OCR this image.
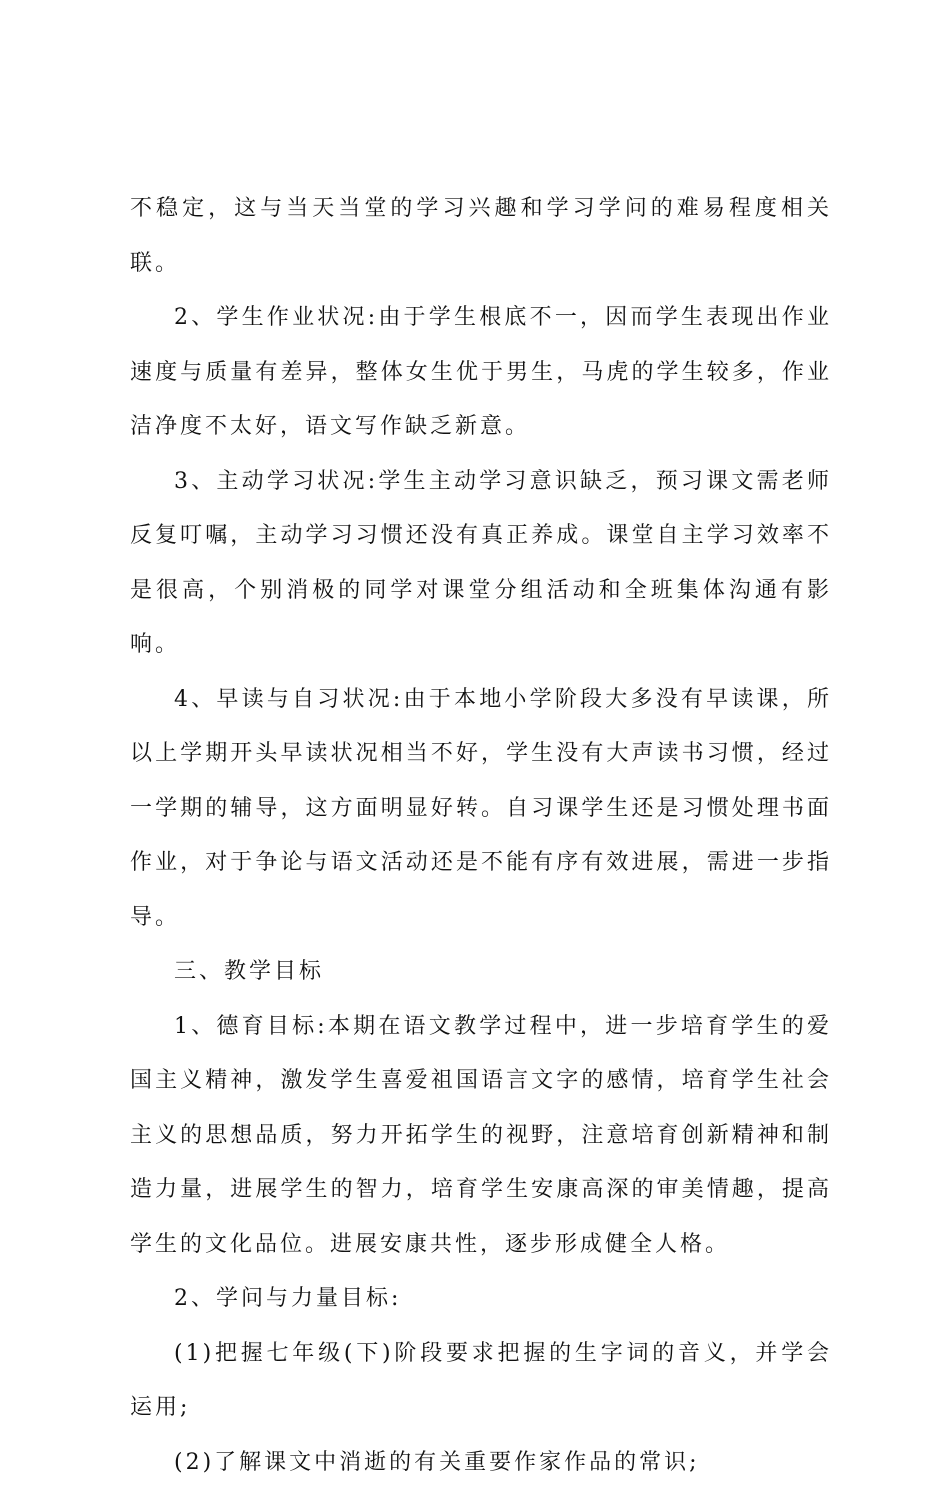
不稳定，这与当天当堂的学习兴趣和学习学问的难易程度相关联。

2、学生作业状况:由于学生根底不一，因而学生表现出作业速度与质量有差异，整体女生优于男生，马虎的学生较多，作业洁净度不太好，语文写作缺乏新意。

3、主动学习状况:学生主动学习意识缺乏，预习课文需老师反复叮嘱，主动学习习惯还没有真正养成。课堂自主学习效率不是很高，个别消极的同学对课堂分组活动和全班集体沟通有影响。

4、早读与自习状况:由于本地小学阶段大多没有早读课，所以上学期开头早读状况相当不好，学生没有大声读书习惯，经过一学期的辅导，这方面明显好转。自习课学生还是习惯处理书面作业，对于争论与语文活动还是不能有序有效进展，需进一步指导。

三、教学目标

1、德育目标:本期在语文教学过程中，进一步培育学生的爱国主义精神，激发学生喜爱祖国语言文字的感情，培育学生社会主义的思想品质，努力开拓学生的视野，注意培育创新精神和制造力量，进展学生的智力，培育学生安康高深的审美情趣，提高学生的文化品位。进展安康共性，逐步形成健全人格。

2、学问与力量目标:

(1)把握七年级(下)阶段要求把握的生字词的音义，并学会运用;

(2)了解课文中消逝的有关重要作家作品的常识;
